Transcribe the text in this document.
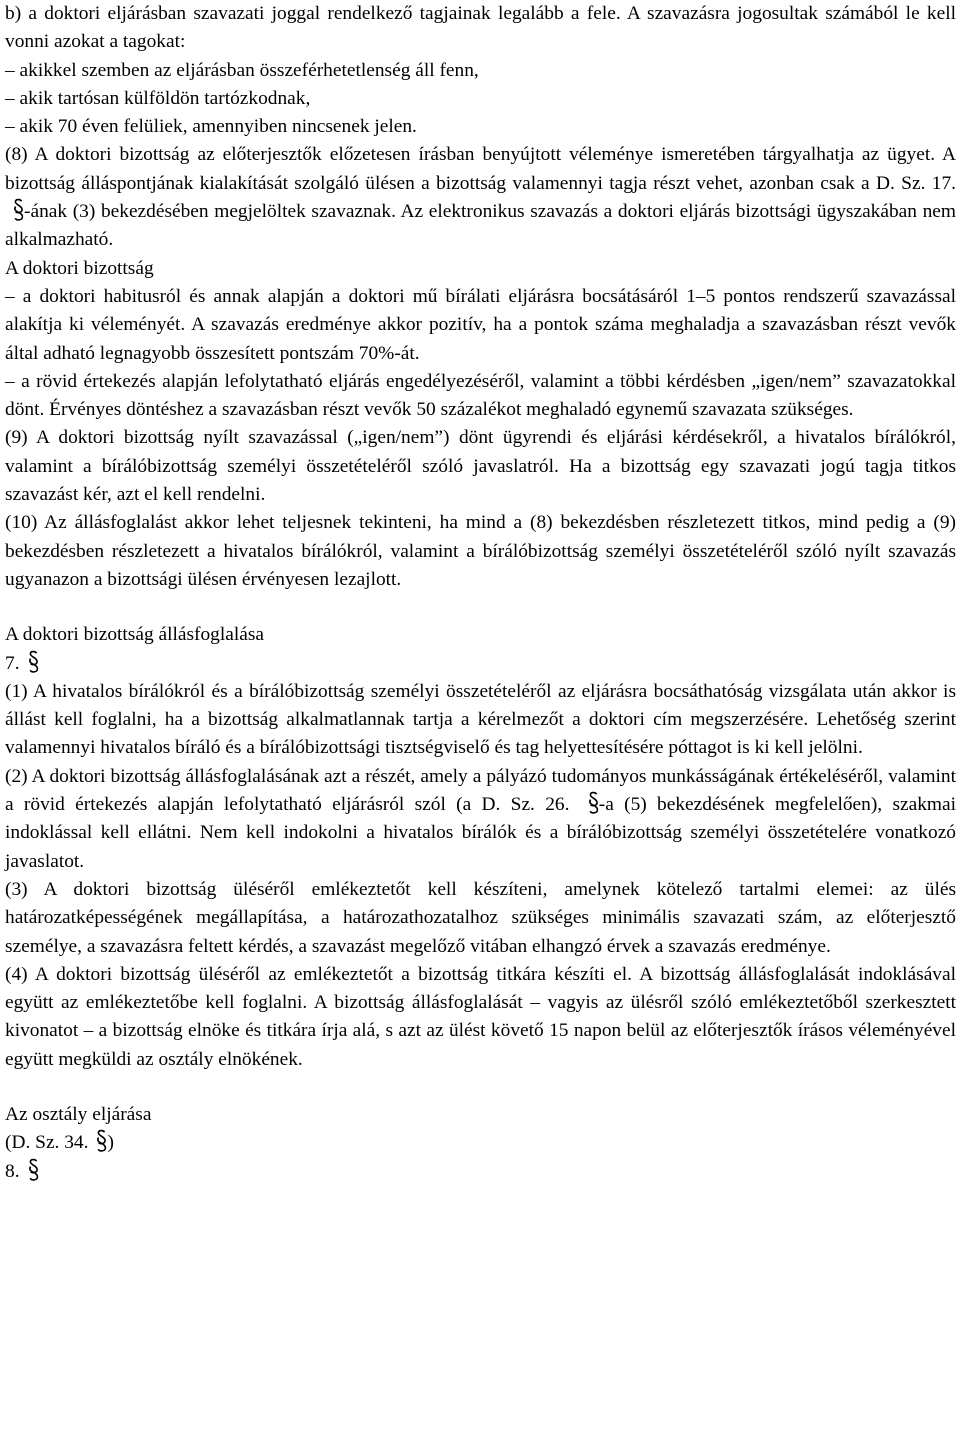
b) a doktori eljárásban szavazati joggal rendelkező tagjainak legalább a fele. A szavazásra jogosultak számából le kell vonni azokat a tagokat:

– akikkel szemben az eljárásban összeférhetetlenség áll fenn,

– akik tartósan külföldön tartózkodnak,

– akik 70 éven felüliek, amennyiben nincsenek jelen.

(8) A doktori bizottság az előterjesztők előzetesen írásban benyújtott véleménye ismeretében tárgyalhatja az ügyet. A bizottság álláspontjának kialakítását szolgáló ülésen a bizottság valamennyi tagja részt vehet, azonban csak a D. Sz. 17.
-ának (3) bekezdésében megjelöltek szavaznak. Az elektronikus szavazás a doktori eljárás bizottsági ügyszakában nem alkalmazható.

A doktori bizottság

– a doktori habitusról és annak alapján a doktori mű bírálati eljárásra bocsátásáról 1–5 pontos rendszerű szavazással alakítja ki véleményét. A szavazás eredménye akkor pozitív, ha a pontok száma meghaladja a szavazásban részt vevők által adható legnagyobb összesített pontszám 70%-át.

– a rövid értekezés alapján lefolytatható eljárás engedélyezéséről, valamint a többi kérdésben „igen/nem” szavazatokkal dönt. Érvényes döntéshez a szavazásban részt vevők 50 százalékot meghaladó egynemű szavazata szükséges.

(9) A doktori bizottság nyílt szavazással („igen/nem”) dönt ügyrendi és eljárási kérdésekről, a hivatalos bírálókról, valamint a bírálóbizottság személyi összetételéről szóló javaslatról. Ha a bizottság egy szavazati jogú tagja titkos szavazást kér, azt el kell rendelni.

(10) Az állásfoglalást akkor lehet teljesnek tekinteni, ha mind a (8) bekezdésben részletezett titkos, mind pedig a (9) bekezdésben részletezett a hivatalos bírálókról, valamint a bírálóbizottság személyi összetételéről szóló nyílt szavazás ugyanazon a bizottsági ülésen érvényesen lezajlott.

A doktori bizottság állásfoglalása

7.

(1) A hivatalos bírálókról és a bírálóbizottság személyi összetételéről az eljárásra bocsáthatóság vizsgálata után akkor is állást kell foglalni, ha a bizottság alkalmatlannak tartja a kérelmezőt a doktori cím megszerzésére. Lehetőség szerint valamennyi hivatalos bíráló és a bírálóbizottsági tisztségviselő és tag helyettesítésére póttagot is ki kell jelölni.

(2) A doktori bizottság állásfoglalásának azt a részét, amely a pályázó tudományos munkásságának értékeléséről, valamint a rövid értekezés alapján lefolytatható eljárásról szól (a D. Sz. 26. -a (5) bekezdésének megfelelően), szakmai indoklással kell ellátni. Nem kell indokolni a hivatalos bírálók és a bírálóbizottság személyi összetételére vonatkozó javaslatot.

(3) A doktori bizottság üléséről emlékeztetőt kell készíteni, amelynek kötelező tartalmi elemei: az ülés határozatképességének megállapítása, a határozathozatalhoz szükséges minimális szavazati szám, az előterjesztő személye, a szavazásra feltett kérdés, a szavazást megelőző vitában elhangzó érvek a szavazás eredménye.

(4) A doktori bizottság üléséről az emlékeztetőt a bizottság titkára készíti el. A bizottság állásfoglalását indoklásával együtt az emlékeztetőbe kell foglalni. A bizottság állásfoglalását – vagyis az ülésről szóló emlékeztetőből szerkesztett kivonatot – a bizottság elnöke és titkára írja alá, s azt az ülést követő 15 napon belül az előterjesztők írásos véleményével együtt megküldi az osztály elnökének.

Az osztály eljárása

(D. Sz. 34. )

8.
